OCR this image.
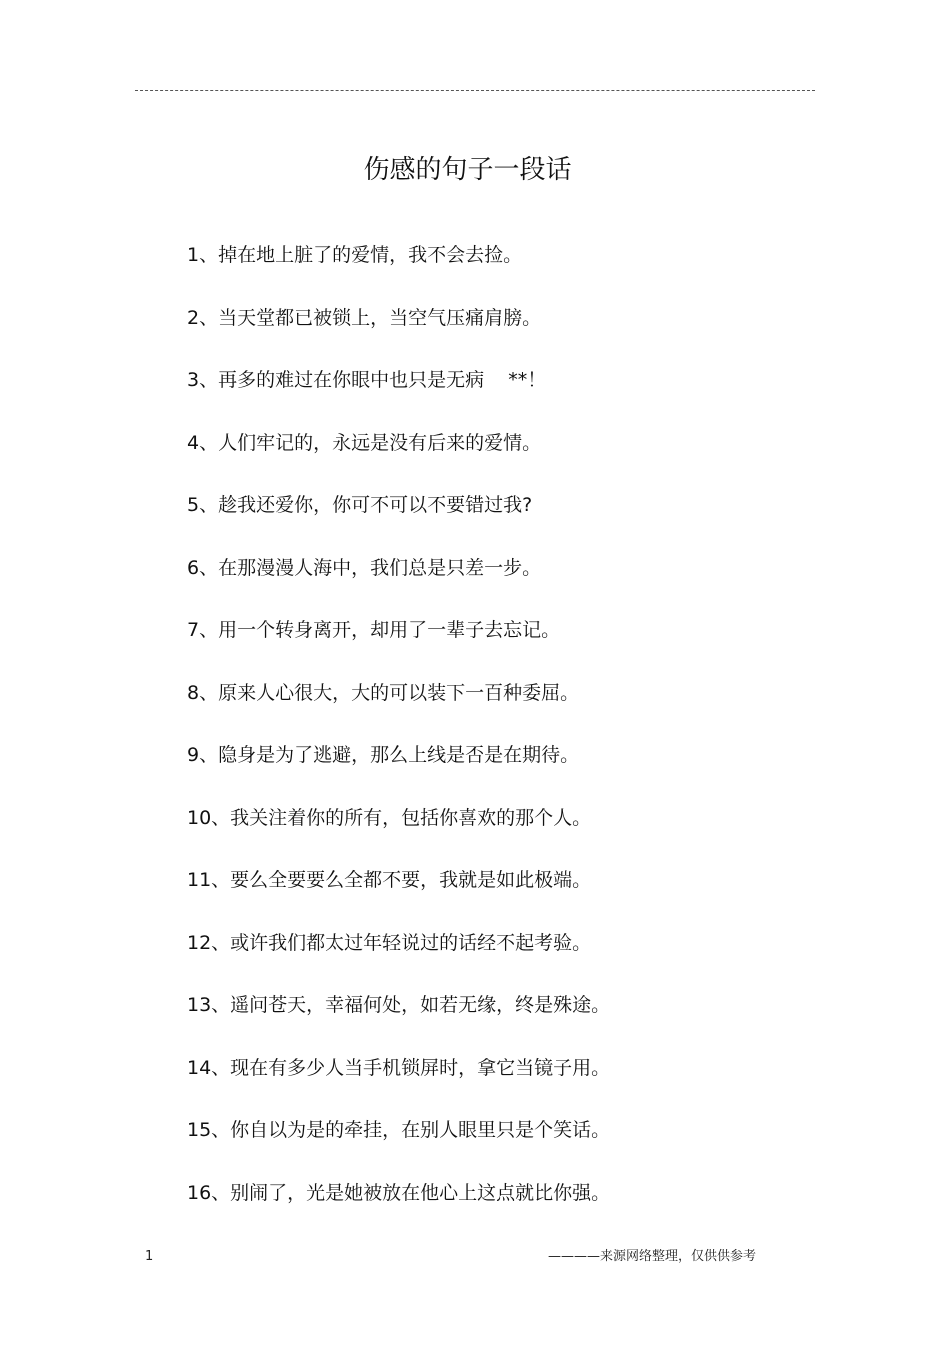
伤感的句子一段话
1、掉在地上脏了的爱情，我不会去捡。
2、当天堂都已被锁上，当空气压痛肩膀。
3、再多的难过在你眼中也只是无病    **！
4、人们牢记的，永远是没有后来的爱情。
5、趁我还爱你，你可不可以不要错过我?
6、在那漫漫人海中，我们总是只差一步。
7、用一个转身离开，却用了一辈子去忘记。
8、原来人心很大，大的可以装下一百种委屈。
9、隐身是为了逃避，那么上线是否是在期待。
10、我关注着你的所有，包括你喜欢的那个人。
11、要么全要要么全都不要，我就是如此极端。
12、或许我们都太过年轻说过的话经不起考验。
13、遥问苍天，幸福何处，如若无缘，终是殊途。
14、现在有多少人当手机锁屏时，拿它当镜子用。
15、你自以为是的牵挂，在别人眼里只是个笑话。
16、别闹了，光是她被放在他心上这点就比你强。
1	————来源网络整理，仅供供参考
